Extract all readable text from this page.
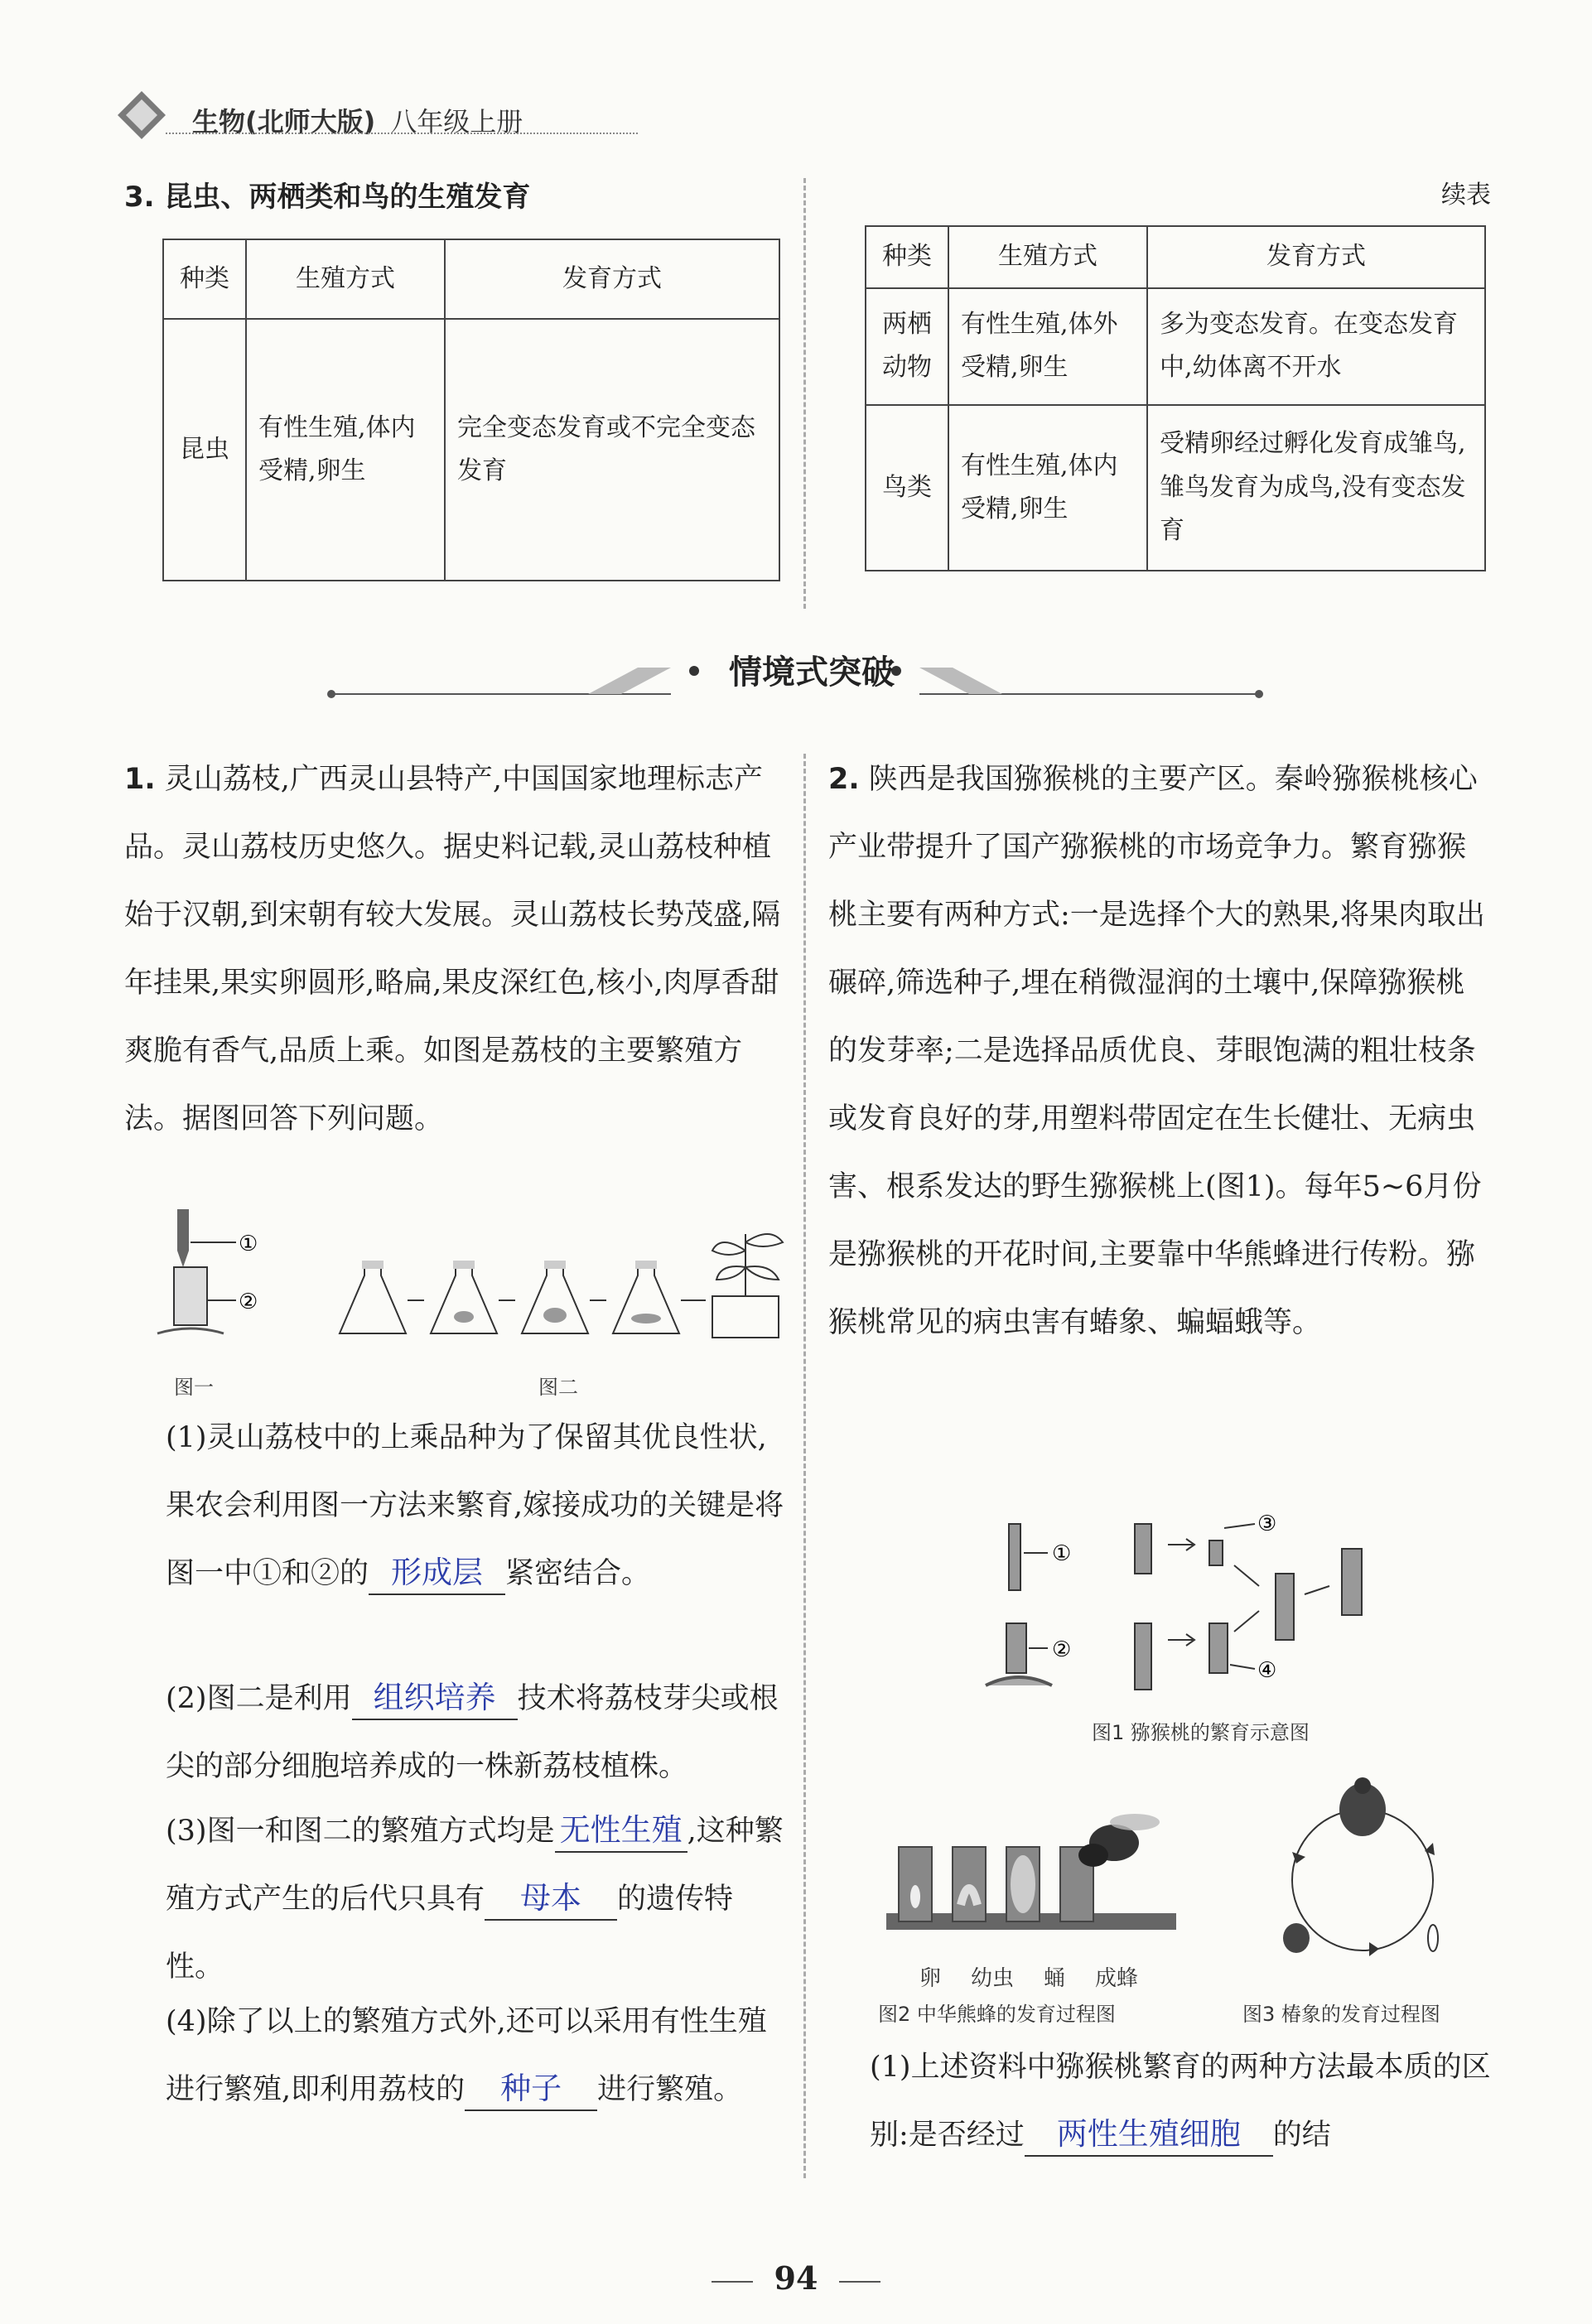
生物(北师大版) 八年级上册
3. 昆虫、两栖类和鸟的生殖发育	续表
种类	生殖方式	发育方式
昆虫	有性生殖,体内受精,卵生	完全变态发育或不完全变态发育
种类	生殖方式	发育方式
两栖动物	有性生殖,体外受精,卵生	多为变态发育。在变态发育中,幼体离不开水
鸟类	有性生殖,体内受精,卵生	受精卵经过孵化发育成雏鸟,雏鸟发育为成鸟,没有变态发育
情境式突破
1. 灵山荔枝,广西灵山县特产,中国国家地理标志产品。灵山荔枝历史悠久。据史料记载,灵山荔枝种植始于汉朝,到宋朝有较大发展。灵山荔枝长势茂盛,隔年挂果,果实卵圆形,略扁,果皮深红色,核小,肉厚香甜爽脆有香气,品质上乘。如图是荔枝的主要繁殖方法。据图回答下列问题。
①
②
图一	图二
(1)灵山荔枝中的上乘品种为了保留其优良性状,果农会利用图一方法来繁育,嫁接成功的关键是将图一中①和②的 形成层 紧密结合。
(2)图二是利用 组织培养 技术将荔枝芽尖或根尖的部分细胞培养成的一株新荔枝植株。
(3)图一和图二的繁殖方式均是 无性生殖 ,这种繁殖方式产生的后代只具有 母本 的遗传特性。
(4)除了以上的繁殖方式外,还可以采用有性生殖进行繁殖,即利用荔枝的 种子 进行繁殖。
2. 陕西是我国猕猴桃的主要产区。秦岭猕猴桃核心产业带提升了国产猕猴桃的市场竞争力。繁育猕猴桃主要有两种方式:一是选择个大的熟果,将果肉取出碾碎,筛选种子,埋在稍微湿润的土壤中,保障猕猴桃的发芽率;二是选择品质优良、芽眼饱满的粗壮枝条或发育良好的芽,用塑料带固定在生长健壮、无病虫害、根系发达的野生猕猴桃上(图1)。每年5~6月份是猕猴桃的开花时间,主要靠中华熊蜂进行传粉。猕猴桃常见的病虫害有蝽象、蝙蝠蛾等。
①
②
③
④
图1 猕猴桃的繁育示意图
卵 幼虫 蛹 成蜂
图2 中华熊蜂的发育过程图	图3 椿象的发育过程图
(1)上述资料中猕猴桃繁育的两种方法最本质的区别:是否经过 两性生殖细胞 的结
94
